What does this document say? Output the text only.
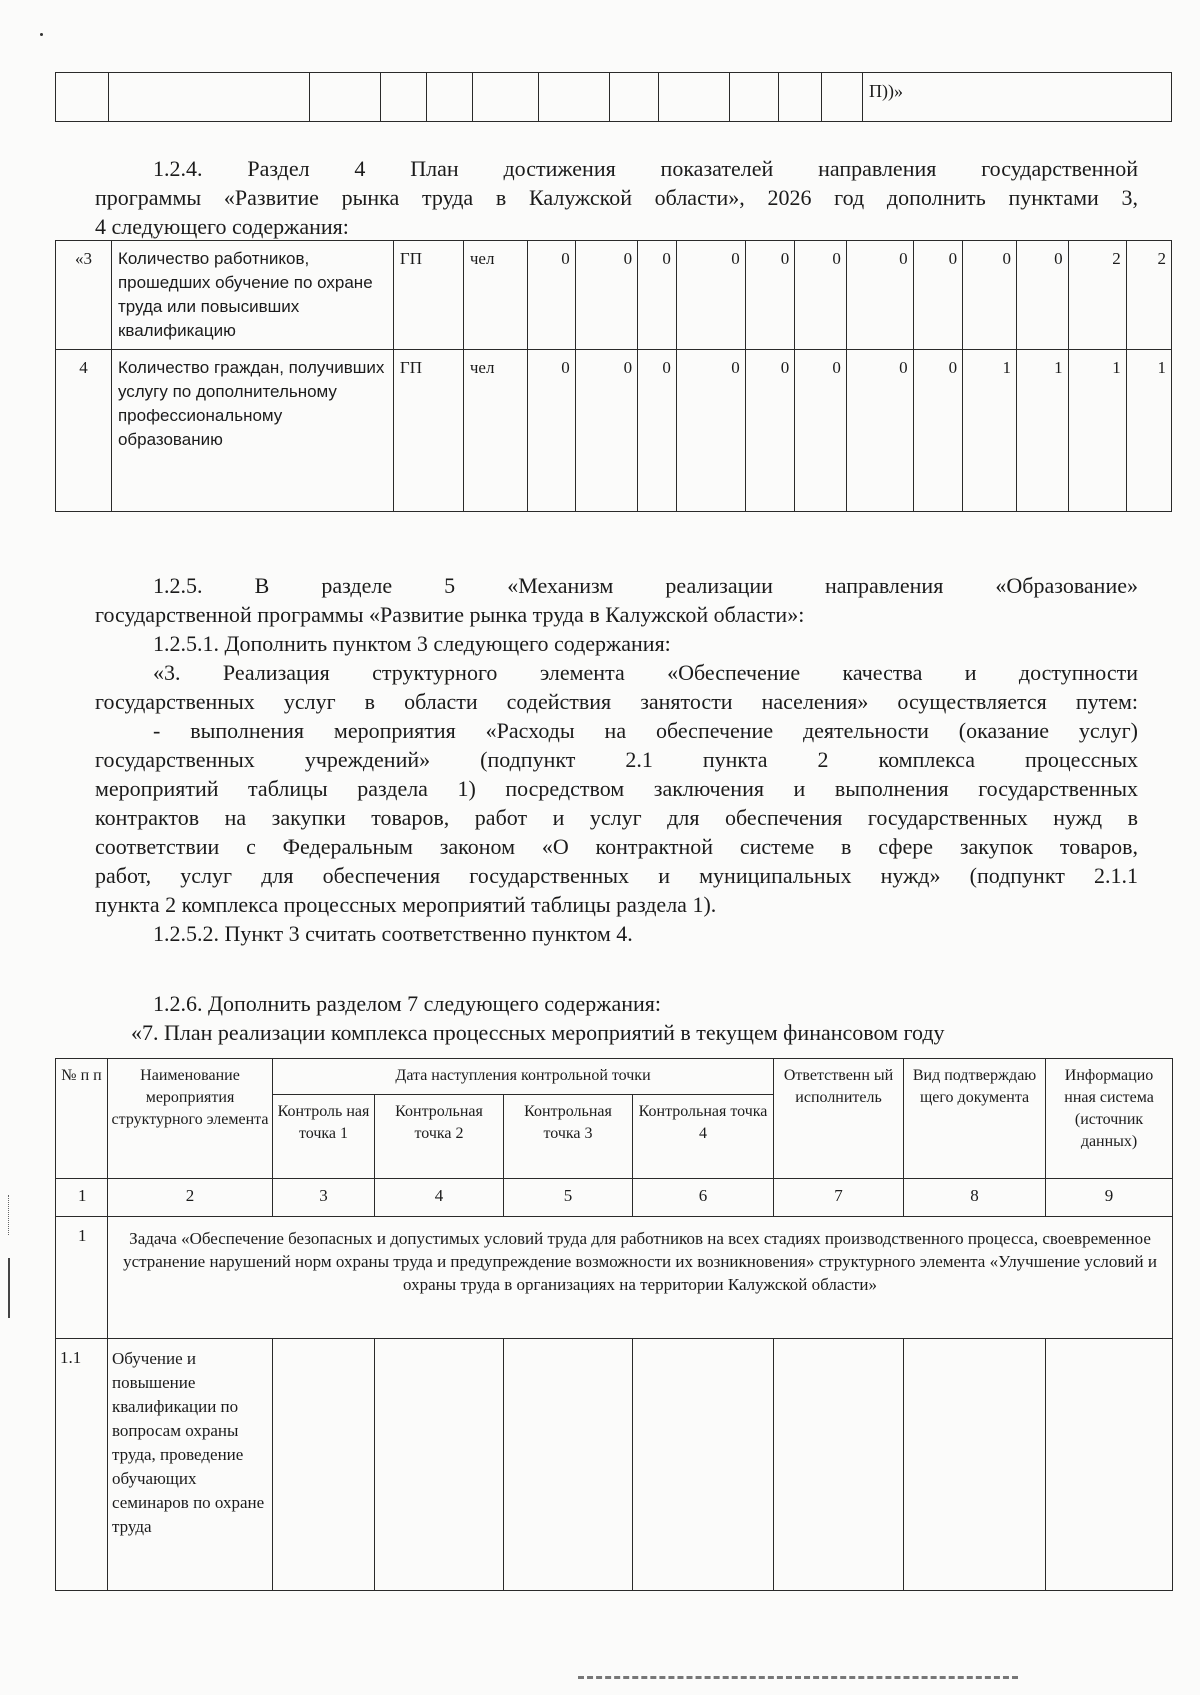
												П))»
1.2.4. Раздел 4 План достижения показателей направления государственной
программы «Развитие рынка труда в Калужской области», 2026 год дополнить пунктами 3,
4 следующего содержания:
«3	Количество работников, прошедших обучение по охране труда или повысивших квалификацию	ГП	чел	0	0	0	0	0	0	0	0	0	0	2	2
4	Количество граждан, получивших услугу по дополнительному профессиональному образованию	ГП	чел	0	0	0	0	0	0	0	0	1	1	1	1
1.2.5. В разделе 5 «Механизм реализации направления «Образование»
государственной программы «Развитие рынка труда в Калужской области»:
1.2.5.1. Дополнить пунктом 3 следующего содержания:
«3. Реализация структурного элемента «Обеспечение качества и доступности
государственных услуг в области содействия занятости населения» осуществляется путем:
- выполнения мероприятия «Расходы на обеспечение деятельности (оказание услуг)
государственных учреждений» (подпункт 2.1 пункта 2 комплекса процессных
мероприятий таблицы раздела 1) посредством заключения и выполнения государственных
контрактов на закупки товаров, работ и услуг для обеспечения государственных нужд в
соответствии с Федеральным законом «О контрактной системе в сфере закупок товаров,
работ, услуг для обеспечения государственных и муниципальных нужд» (подпункт 2.1.1
пункта 2 комплекса процессных мероприятий таблицы раздела 1).
1.2.5.2. Пункт 3 считать соответственно пунктом 4.
1.2.6. Дополнить разделом 7 следующего содержания:
«7. План реализации комплекса процессных мероприятий в текущем финансовом году
№ п п	Наименование мероприятия структурного элемента	Дата наступления контрольной точки				Ответственн ый исполнитель	Вид подтверждаю щего документа	Информацио нная система (источник данных)
		Контроль ная точка 1	Контрольная точка 2	Контрольная точка 3	Контрольная точка 4			
1	2	3	4	5	6	7	8	9
1	Задача «Обеспечение безопасных и допустимых условий труда для работников на всех стадиях производственного процесса, своевременное устранение нарушений норм охраны труда и предупреждение возможности их возникновения» структурного элемента «Улучшение условий и охраны труда в организациях на территории Калужской области»							
1.1	Обучение и повышение квалификации по вопросам охраны труда, проведение обучающих семинаров по охране труда							
